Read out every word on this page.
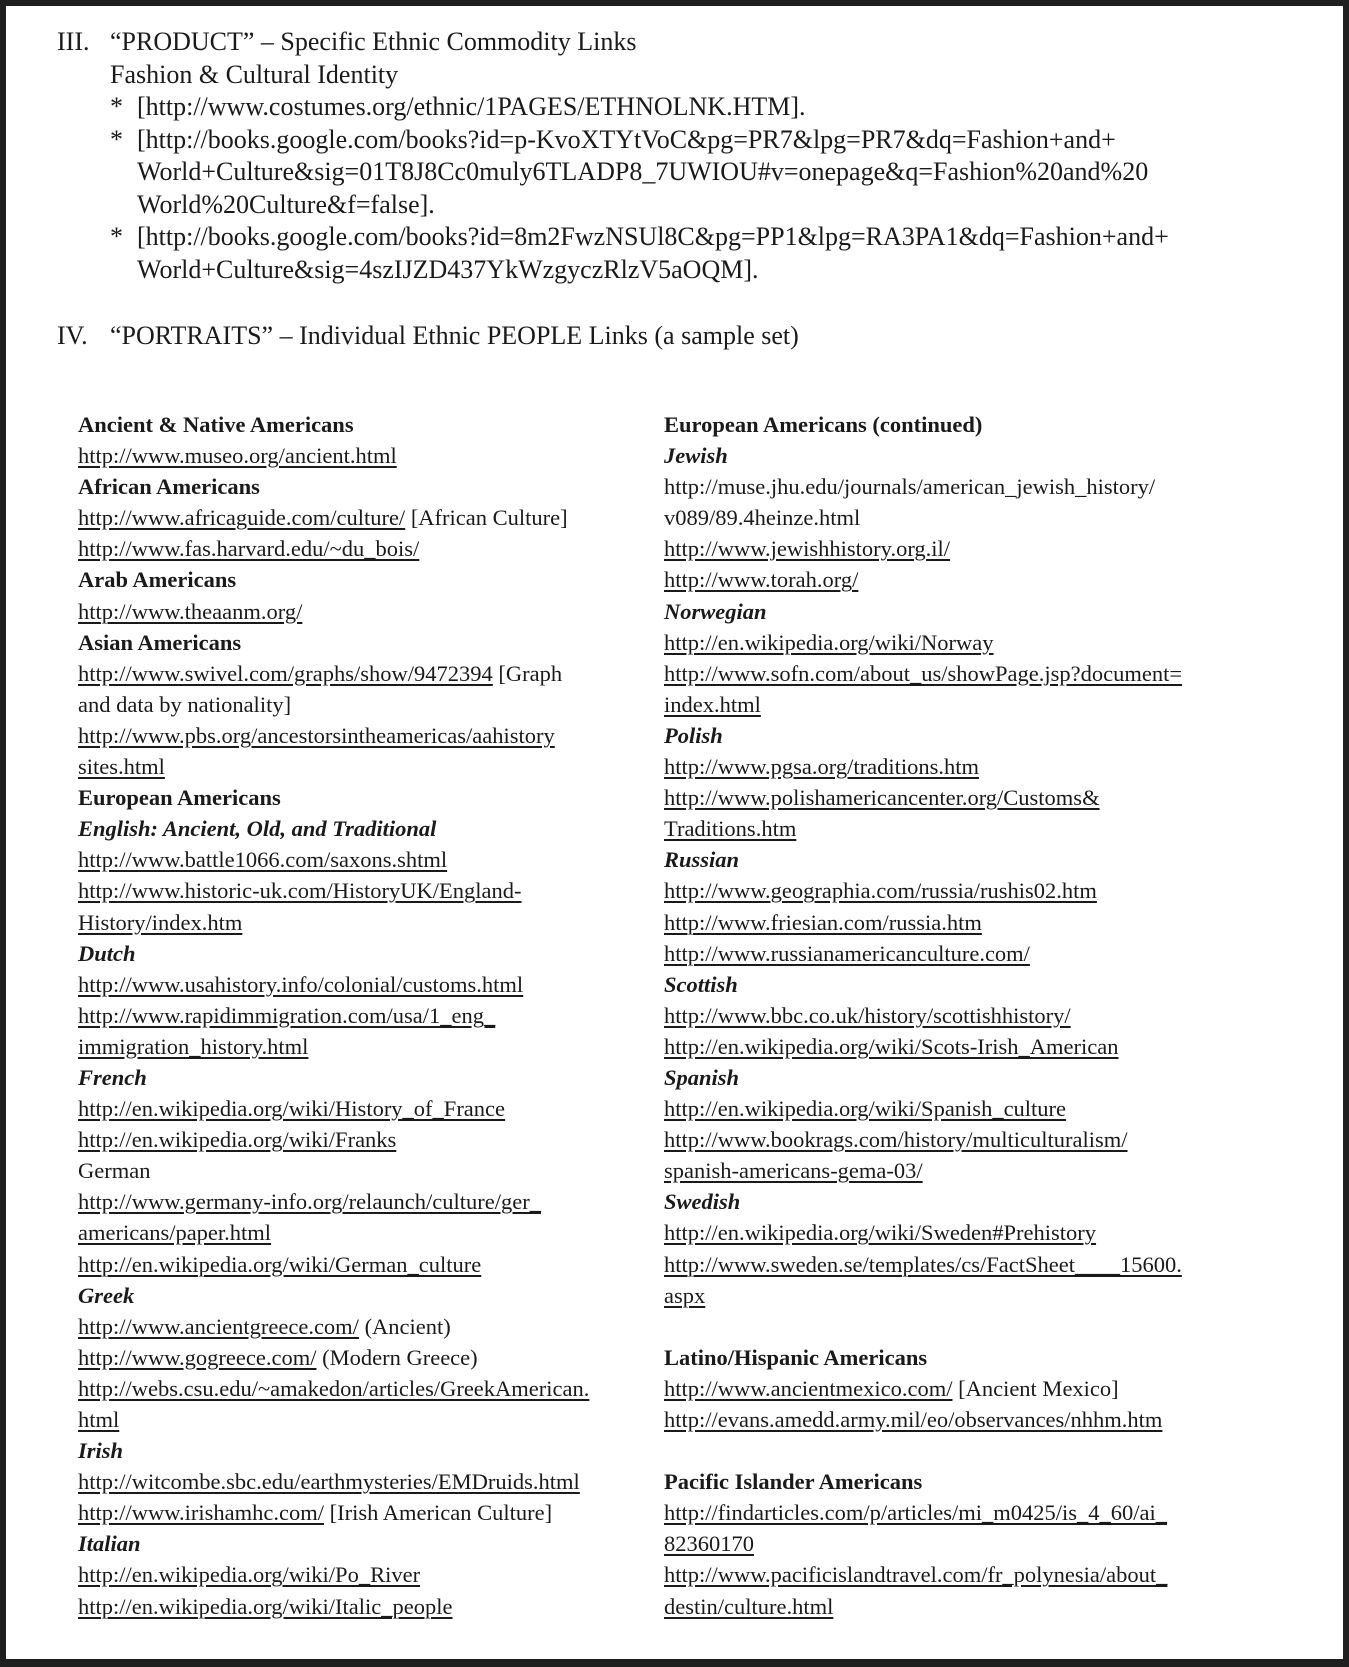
III. “PRODUCT” – Specific Ethnic Commodity Links
Fashion & Cultural Identity
* [http://www.costumes.org/ethnic/1PAGES/ETHNOLNK.HTM].
* [http://books.google.com/books?id=p-KvoXTYtVoC&pg=PR7&lpg=PR7&dq=Fashion+and+
World+Culture&sig=01T8J8Cc0muly6TLADP8_7UWIOU#v=onepage&q=Fashion%20and%20
World%20Culture&f=false].
* [http://books.google.com/books?id=8m2FwzNSUl8C&pg=PP1&lpg=RA3PA1&dq=Fashion+and+
World+Culture&sig=4szIJZD437YkWzgyczRlzV5aOQM].
IV. “PORTRAITS” – Individual Ethnic PEOPLE Links (a sample set)
Ancient & Native Americans
http://www.museo.org/ancient.html
African Americans
http://www.africaguide.com/culture/ [African Culture]
http://www.fas.harvard.edu/~du_bois/
Arab Americans
http://www.theaanm.org/
Asian Americans
http://www.swivel.com/graphs/show/9472394 [Graph
and data by nationality]
http://www.pbs.org/ancestorsintheamericas/aahistory
sites.html
European Americans
English: Ancient, Old, and Traditional
http://www.battle1066.com/saxons.shtml
http://www.historic-uk.com/HistoryUK/England-
History/index.htm
Dutch
http://www.usahistory.info/colonial/customs.html
http://www.rapidimmigration.com/usa/1_eng_
immigration_history.html
French
http://en.wikipedia.org/wiki/History_of_France
http://en.wikipedia.org/wiki/Franks
German
http://www.germany-info.org/relaunch/culture/ger_
americans/paper.html
http://en.wikipedia.org/wiki/German_culture
Greek
http://www.ancientgreece.com/ (Ancient)
http://www.gogreece.com/ (Modern Greece)
http://webs.csu.edu/~amakedon/articles/GreekAmerican.
html
Irish
http://witcombe.sbc.edu/earthmysteries/EMDruids.html
http://www.irishamhc.com/ [Irish American Culture]
Italian
http://en.wikipedia.org/wiki/Po_River
http://en.wikipedia.org/wiki/Italic_people
European Americans (continued)
Jewish
http://muse.jhu.edu/journals/american_jewish_history/
v089/89.4heinze.html
http://www.jewishhistory.org.il/
http://www.torah.org/
Norwegian
http://en.wikipedia.org/wiki/Norway
http://www.sofn.com/about_us/showPage.jsp?document=
index.html
Polish
http://www.pgsa.org/traditions.htm
http://www.polishamericancenter.org/Customs&
Traditions.htm
Russian
http://www.geographia.com/russia/rushis02.htm
http://www.friesian.com/russia.htm
http://www.russianamericanculture.com/
Scottish
http://www.bbc.co.uk/history/scottishhistory/
http://en.wikipedia.org/wiki/Scots-Irish_American
Spanish
http://en.wikipedia.org/wiki/Spanish_culture
http://www.bookrags.com/history/multiculturalism/
spanish-americans-gema-03/
Swedish
http://en.wikipedia.org/wiki/Sweden#Prehistory
http://www.sweden.se/templates/cs/FactSheet____15600.
aspx
Latino/Hispanic Americans
http://www.ancientmexico.com/ [Ancient Mexico]
http://evans.amedd.army.mil/eo/observances/nhhm.htm
Pacific Islander Americans
http://findarticles.com/p/articles/mi_m0425/is_4_60/ai_
82360170
http://www.pacificislandtravel.com/fr_polynesia/about_
destin/culture.html
